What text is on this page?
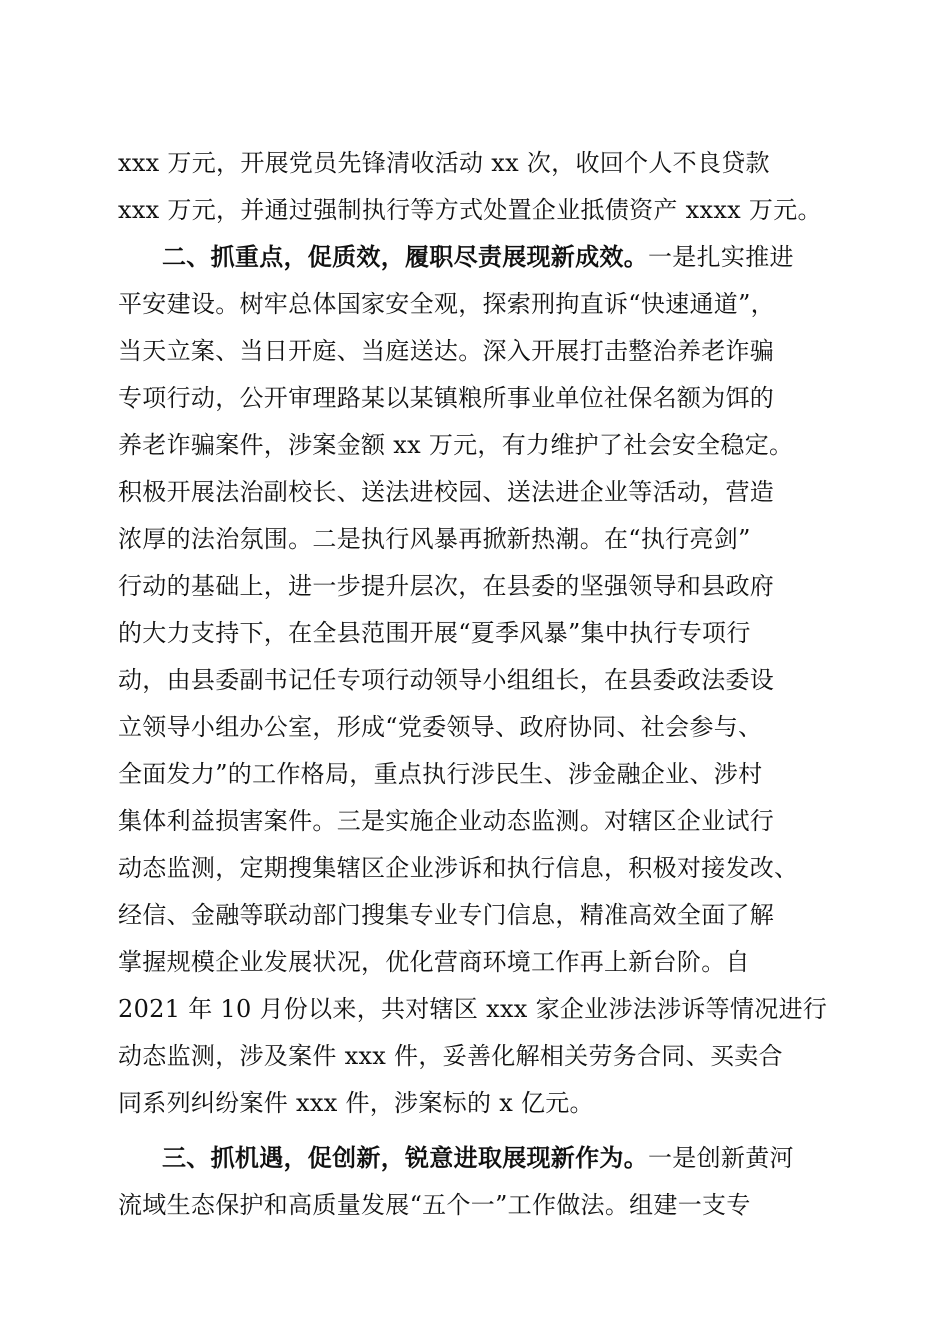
xxx 万元，开展党员先锋清收活动 xx 次，收回个人不良贷款
xxx 万元，并通过强制执行等方式处置企业抵债资产 xxxx 万元。
二、抓重点，促质效，履职尽责展现新成效。一是扎实推进
平安建设。树牢总体国家安全观，探索刑拘直诉“快速通道”，
当天立案、当日开庭、当庭送达。深入开展打击整治养老诈骗
专项行动，公开审理路某以某镇粮所事业单位社保名额为饵的
养老诈骗案件，涉案金额 xx 万元，有力维护了社会安全稳定。
积极开展法治副校长、送法进校园、送法进企业等活动，营造
浓厚的法治氛围。二是执行风暴再掀新热潮。在“执行亮剑”
行动的基础上，进一步提升层次，在县委的坚强领导和县政府
的大力支持下，在全县范围开展“夏季风暴”集中执行专项行
动，由县委副书记任专项行动领导小组组长，在县委政法委设
立领导小组办公室，形成“党委领导、政府协同、社会参与、
全面发力”的工作格局，重点执行涉民生、涉金融企业、涉村
集体利益损害案件。三是实施企业动态监测。对辖区企业试行
动态监测，定期搜集辖区企业涉诉和执行信息，积极对接发改、
经信、金融等联动部门搜集专业专门信息，精准高效全面了解
掌握规模企业发展状况，优化营商环境工作再上新台阶。自
2021 年 10 月份以来，共对辖区 xxx 家企业涉法涉诉等情况进行
动态监测，涉及案件 xxx 件，妥善化解相关劳务合同、买卖合
同系列纠纷案件 xxx 件，涉案标的 x 亿元。
三、抓机遇，促创新，锐意进取展现新作为。一是创新黄河
流域生态保护和高质量发展“五个一”工作做法。组建一支专
